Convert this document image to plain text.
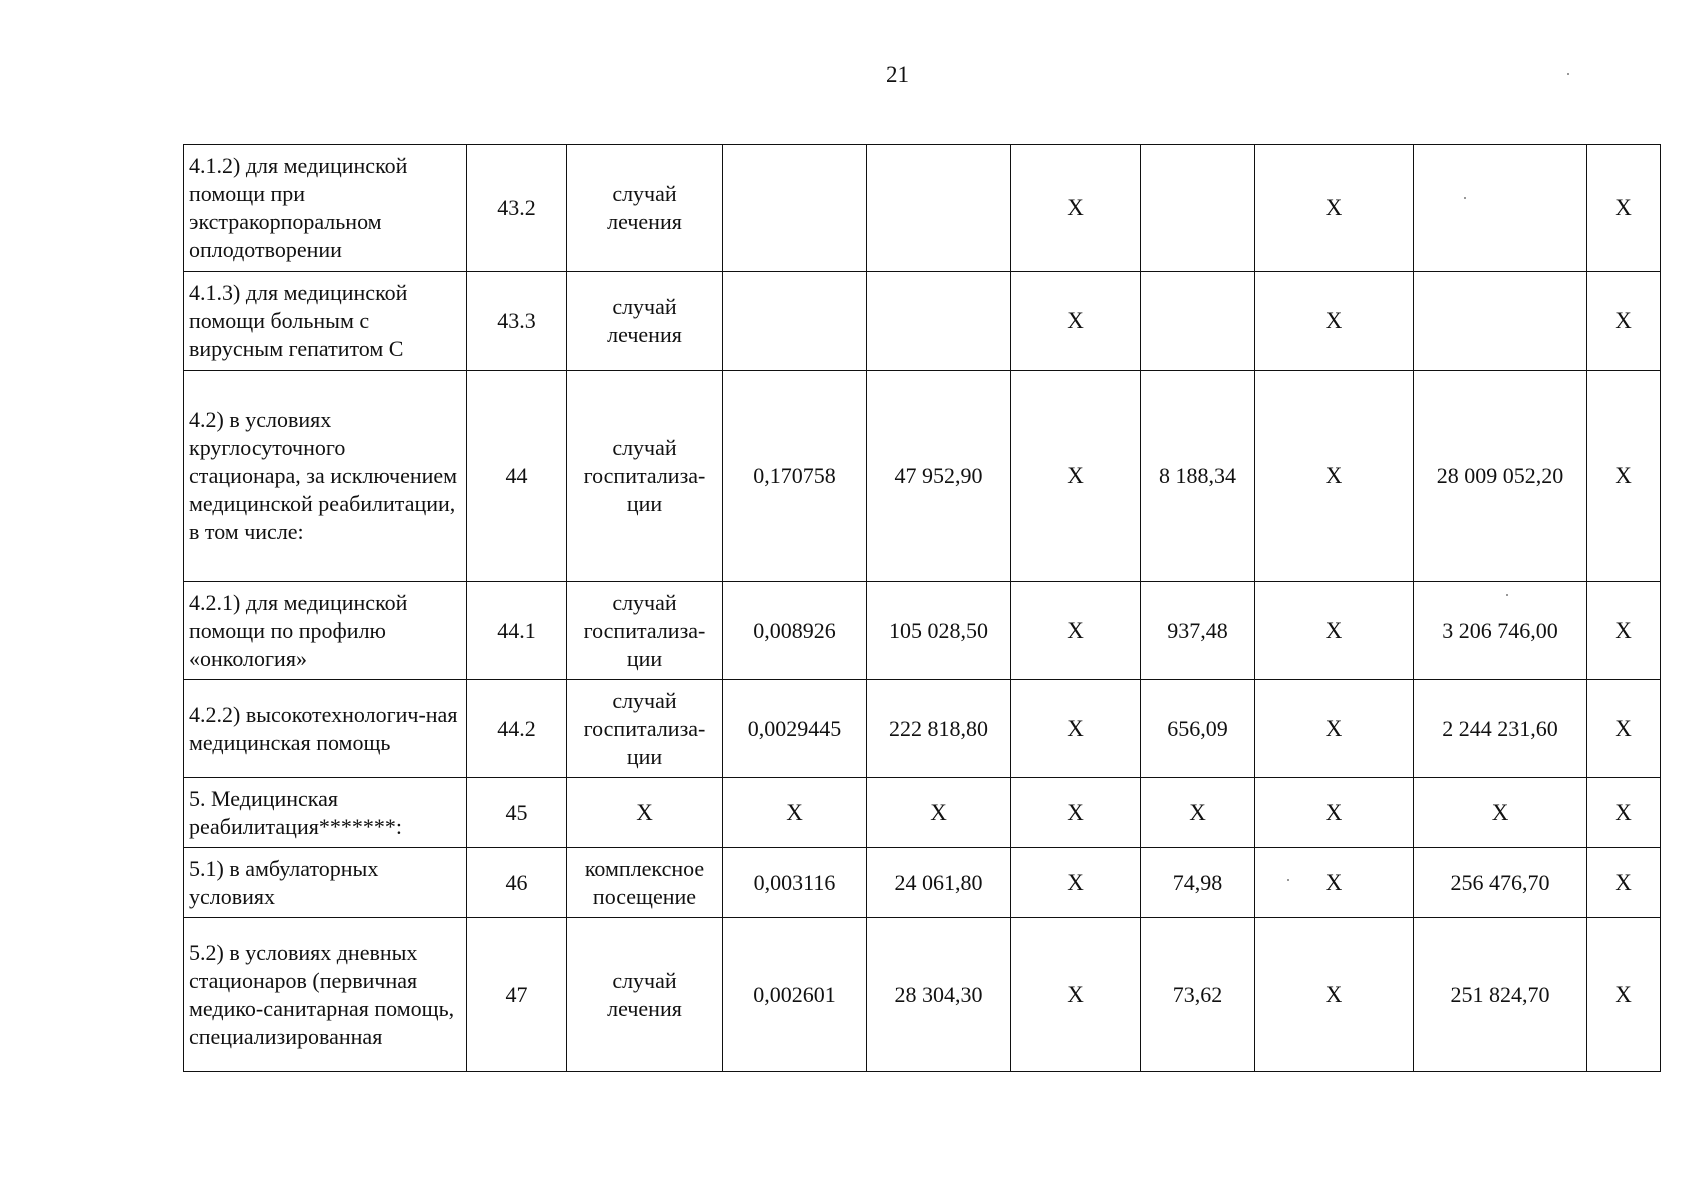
21
4.1.2) для медицинской помощи при экстракорпоральном оплодотворении	43.2	случай лечения			Х		Х		Х
4.1.3) для медицинской помощи больным с вирусным гепатитом С	43.3	случай лечения			Х		Х		Х
4.2) в условиях круглосуточного стационара, за исключением медицинской реабилитации, в том числе:	44	случай госпитализа-ции	0,170758	47 952,90	Х	8 188,34	Х	28 009 052,20	Х
4.2.1) для медицинской помощи по профилю «онкология»	44.1	случай госпитализа-ции	0,008926	105 028,50	Х	937,48	Х	3 206 746,00	Х
4.2.2) высокотехнологич-ная медицинская помощь	44.2	случай госпитализа-ции	0,0029445	222 818,80	Х	656,09	Х	2 244 231,60	Х
5. Медицинская реабилитация*******:	45	Х	Х	Х	Х	Х	Х	Х	Х
5.1) в амбулаторных условиях	46	комплексное посещение	0,003116	24 061,80	Х	74,98	Х	256 476,70	Х
5.2) в условиях дневных стационаров (первичная медико-санитарная помощь, специализированная	47	случай лечения	0,002601	28 304,30	Х	73,62	Х	251 824,70	Х
